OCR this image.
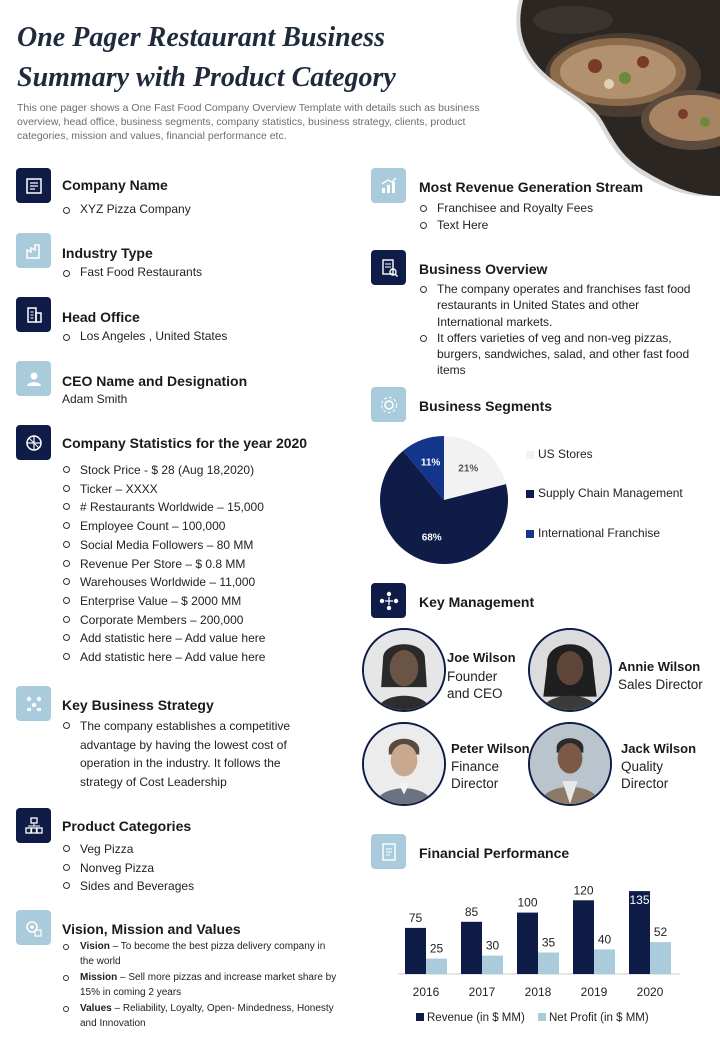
One Pager Restaurant Business Summary with Product Category
This one pager shows a One Fast Food Company Overview Template with details such as business overview, head office, business segments, company statistics, business strategy, clients, product categories, mission and values, financial performance etc.
Company Name
XYZ Pizza Company
Industry Type
Fast Food Restaurants
Head Office
Los Angeles , United States
CEO Name and Designation
Adam Smith
Company Statistics for the year 2020
Stock Price - $ 28 (Aug 18,2020)
Ticker – XXXX
# Restaurants Worldwide – 15,000
Employee Count – 100,000
Social Media Followers – 80 MM
Revenue Per Store – $ 0.8 MM
Warehouses Worldwide – 11,000
Enterprise Value – $ 2000 MM
Corporate Members – 200,000
Add statistic here – Add value here
Add statistic here – Add value here
Key Business Strategy
The company establishes a competitive advantage by having the lowest cost of operation in the industry. It follows the strategy of Cost Leadership
Product Categories
Veg Pizza
Nonveg Pizza
Sides and Beverages
Vision, Mission and Values
Vision – To become the best pizza delivery company in the world
Mission – Sell more pizzas and increase market share by 15% in coming 2 years
Values – Reliability, Loyalty, Open- Mindedness, Honesty and Innovation
Most Revenue Generation Stream
Franchisee and Royalty Fees
Text Here
Business Overview
The company operates and franchises fast food restaurants in United States and other International markets.
It offers varieties of veg and non-veg pizzas, burgers, sandwiches, salad, and other fast food items
Business Segments
21%
68%
11%
US Stores
Supply Chain Management
International Franchise
Key Management
Joe Wilson
Founder and CEO
Annie Wilson
Sales Director
Peter Wilson
Finance Director
Jack Wilson
Quality Director
Financial Performance
75
25
2016
85
30
2017
100
35
2018
120
40
2019
135
52
2020
Revenue (in $ MM) Net Profit (in $ MM)
